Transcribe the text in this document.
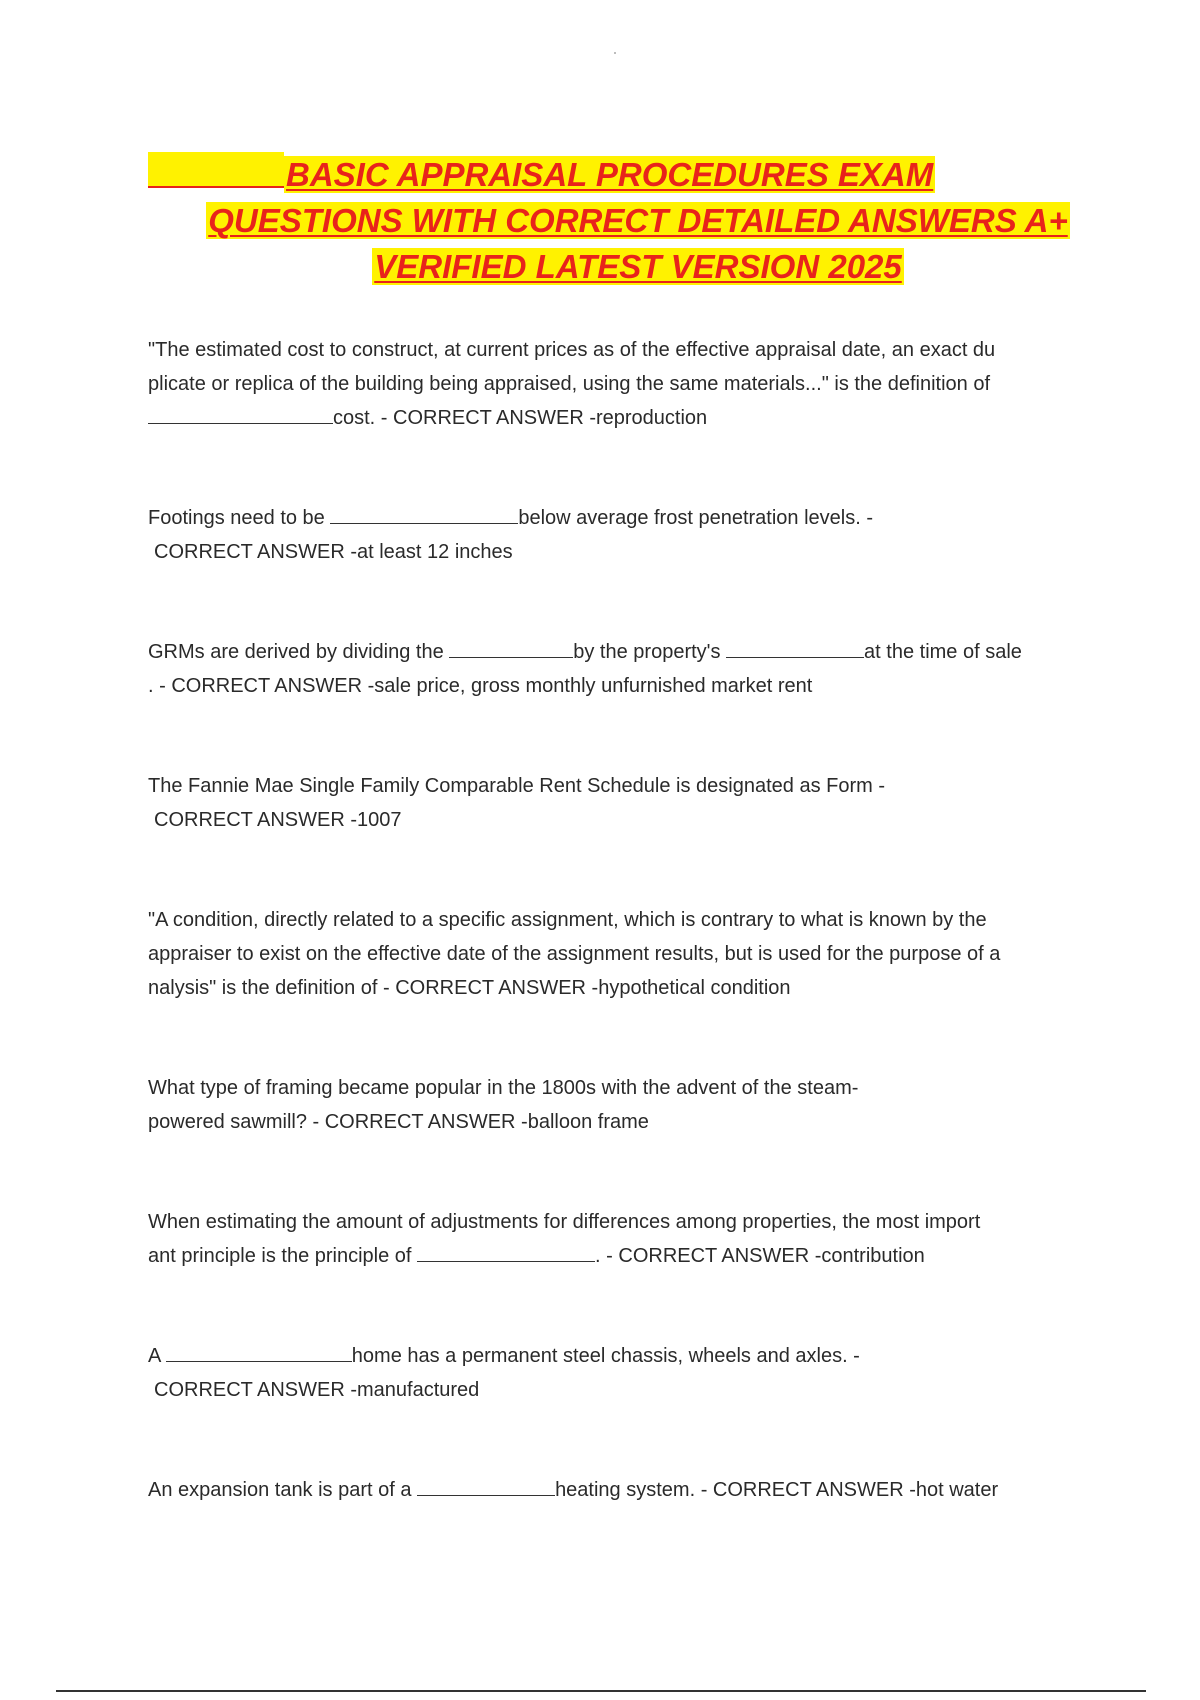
BASIC APPRAISAL PROCEDURES EXAM
QUESTIONS WITH CORRECT DETAILED ANSWERS A+
VERIFIED LATEST VERSION 2025

"The estimated cost to construct, at current prices as of the effective appraisal date, an exact du

plicate or replica of the building being appraised, using the same materials..." is the definition of

cost. - CORRECT ANSWER -reproduction

Footings need to be	below average frost penetration levels. -

CORRECT ANSWER -at least 12 inches

GRMs are derived by dividing the	by the property's	at the time of sale

. - CORRECT ANSWER -sale price, gross monthly unfurnished market rent

The Fannie Mae Single Family Comparable Rent Schedule is designated as Form -

CORRECT ANSWER -1007

"A condition, directly related to a specific assignment, which is contrary to what is known by the

appraiser to exist on the effective date of the assignment results, but is used for the purpose of a

nalysis" is the definition of - CORRECT ANSWER -hypothetical condition

What type of framing became popular in the 1800s with the advent of the steam-

powered sawmill? - CORRECT ANSWER -balloon frame

When estimating the amount of adjustments for differences among properties, the most import

ant principle is the principle of	. - CORRECT ANSWER -contribution

A	home has a permanent steel chassis, wheels and axles. -

CORRECT ANSWER -manufactured

An expansion tank is part of a	heating system. - CORRECT ANSWER -hot water
